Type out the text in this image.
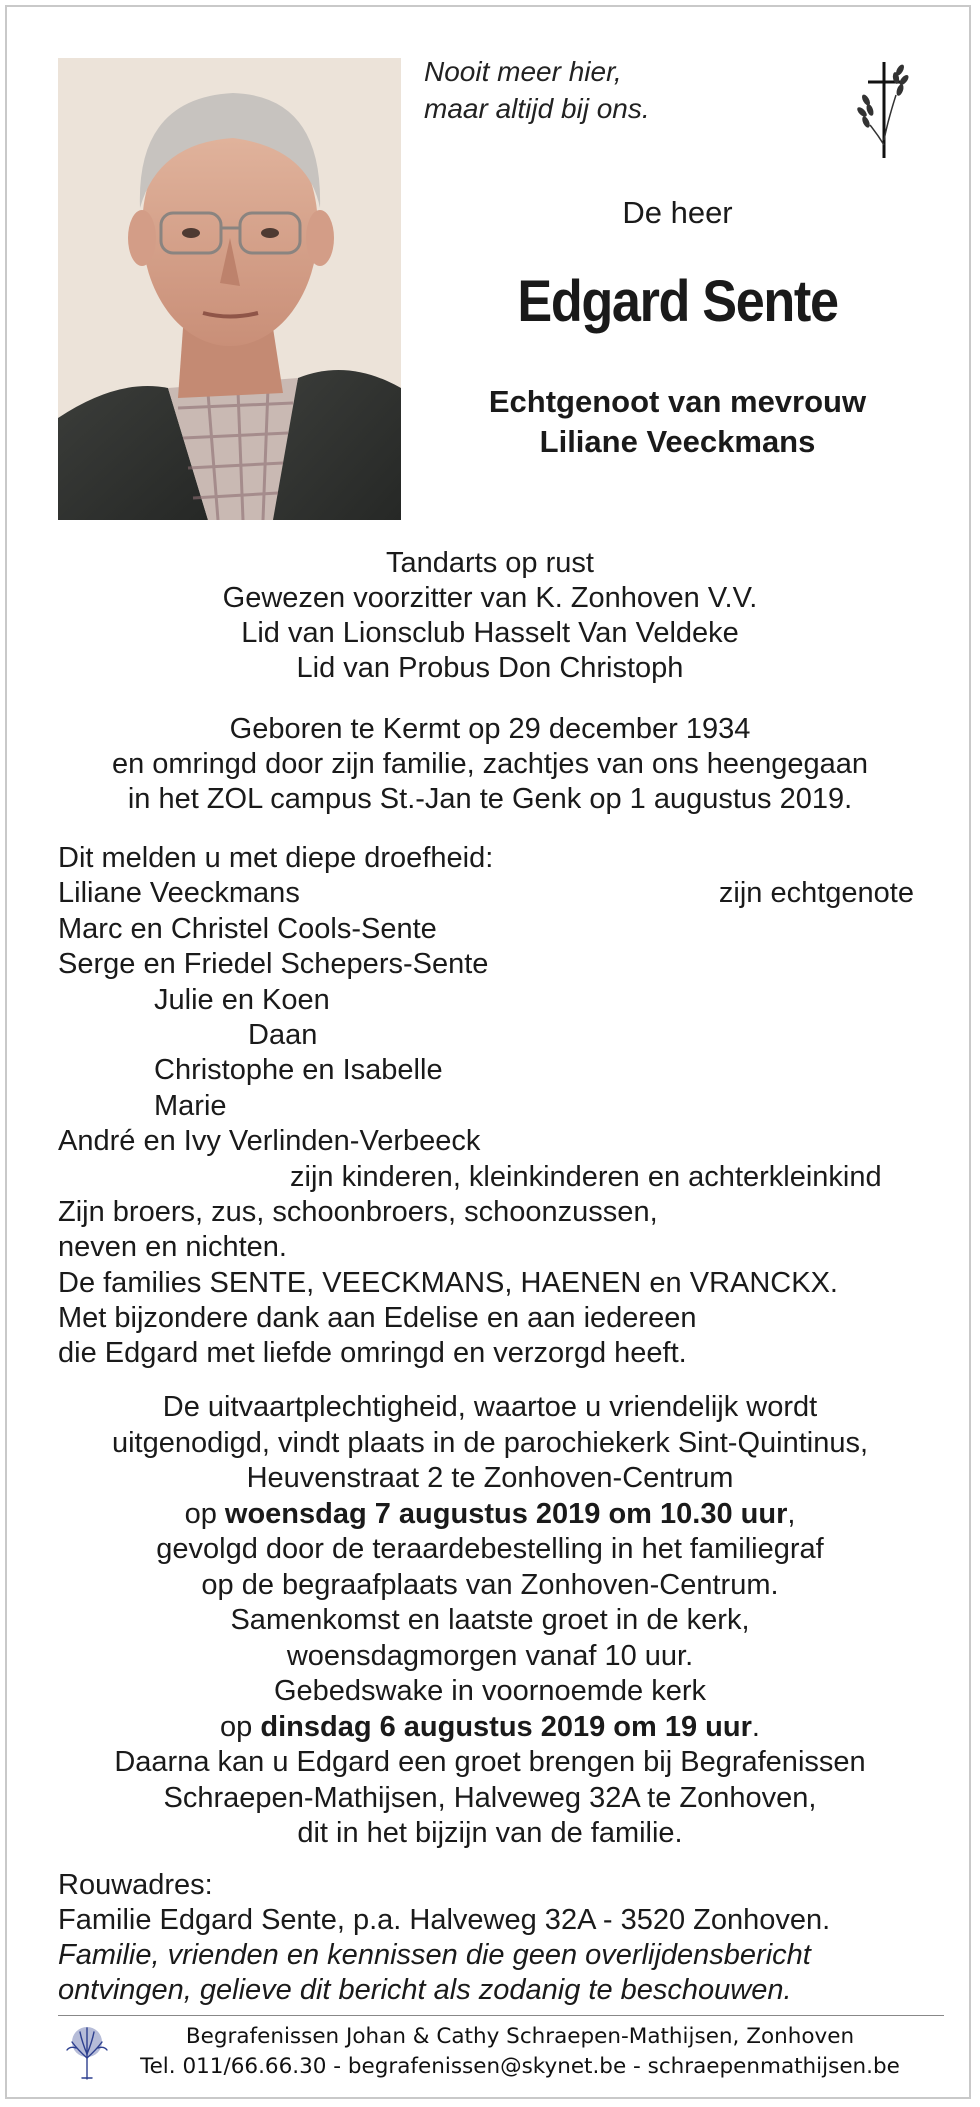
Nooit meer hier,
maar altijd bij ons.
De heer
Edgard Sente
Echtgenoot van mevrouw
Liliane Veeckmans
Tandarts op rust
Gewezen voorzitter van K. Zonhoven V.V.
Lid van Lionsclub Hasselt Van Veldeke
Lid van Probus Don Christoph
Geboren te Kermt op 29 december 1934
en omringd door zijn familie, zachtjes van ons heengegaan
in het ZOL campus St.-Jan te Genk op 1 augustus 2019.
Dit melden u met diepe droefheid:
Liliane Veeckmans	zijn echtgenote
Marc en Christel Cools-Sente
Serge en Friedel Schepers-Sente
Julie en Koen
Daan
Christophe en Isabelle
Marie
André en Ivy Verlinden-Verbeeck
zijn kinderen, kleinkinderen en achterkleinkind
Zijn broers, zus, schoonbroers, schoonzussen,
neven en nichten.
De families SENTE, VEECKMANS, HAENEN en VRANCKX.
Met bijzondere dank aan Edelise en aan iedereen
die Edgard met liefde omringd en verzorgd heeft.
De uitvaartplechtigheid, waartoe u vriendelijk wordt
uitgenodigd, vindt plaats in de parochiekerk Sint-Quintinus,
Heuvenstraat 2 te Zonhoven-Centrum
op woensdag 7 augustus 2019 om 10.30 uur,
gevolgd door de teraardebestelling in het familiegraf
op de begraafplaats van Zonhoven-Centrum.
Samenkomst en laatste groet in de kerk,
woensdagmorgen vanaf 10 uur.
Gebedswake in voornoemde kerk
op dinsdag 6 augustus 2019 om 19 uur.
Daarna kan u Edgard een groet brengen bij Begrafenissen
Schraepen-Mathijsen, Halveweg 32A te Zonhoven,
dit in het bijzijn van de familie.
Rouwadres:
Familie Edgard Sente, p.a. Halveweg 32A - 3520 Zonhoven.
Familie, vrienden en kennissen die geen overlijdensbericht
ontvingen, gelieve dit bericht als zodanig te beschouwen.
Begrafenissen Johan & Cathy Schraepen-Mathijsen, Zonhoven
Tel. 011/66.66.30 - begrafenissen@skynet.be - schraepenmathijsen.be
